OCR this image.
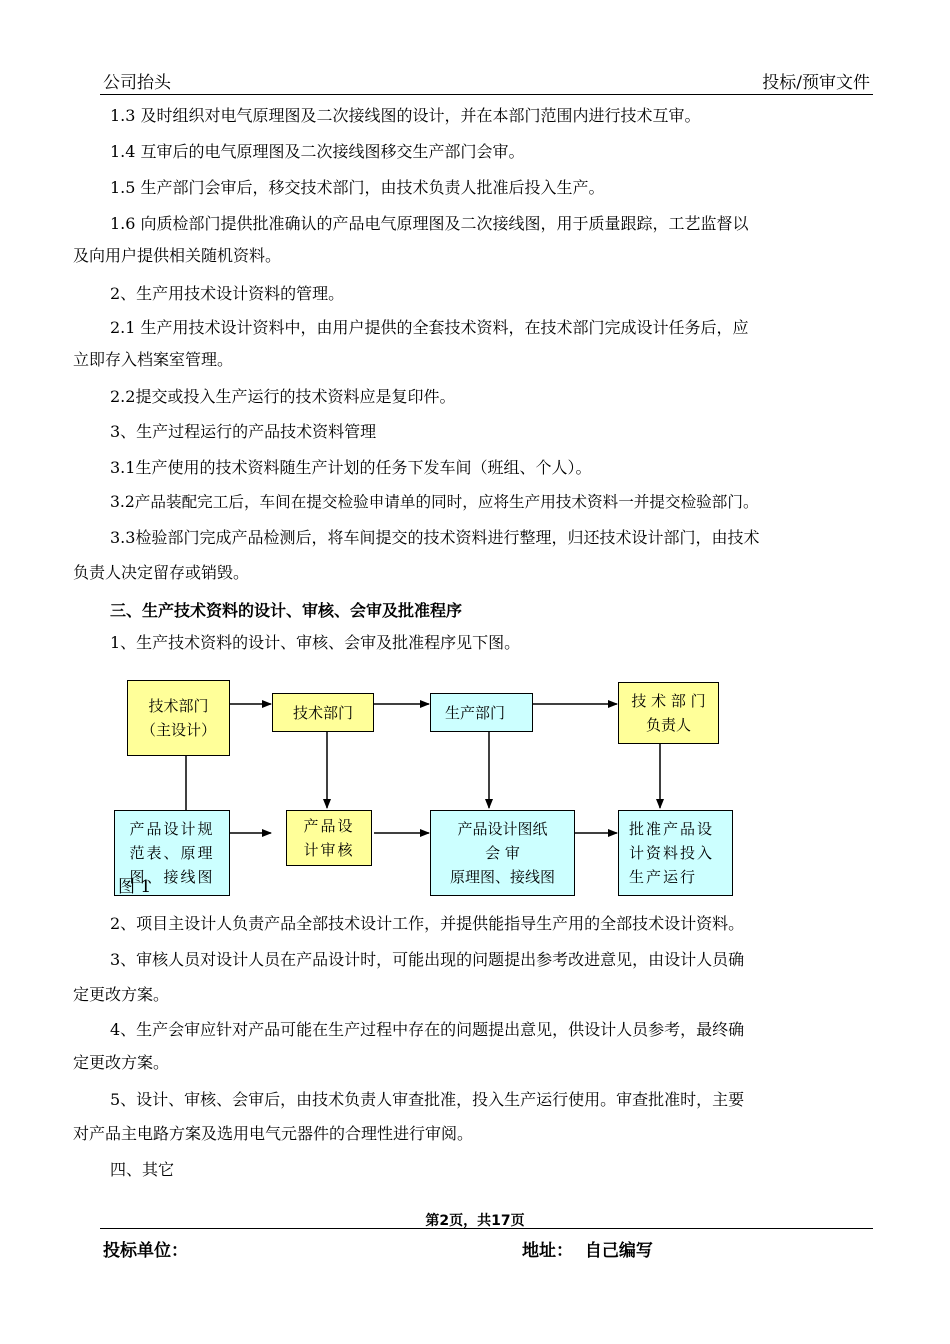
公司抬头	投标/预审文件
1.3 及时组织对电气原理图及二次接线图的设计，并在本部门范围内进行技术互审。
1.4 互审后的电气原理图及二次接线图移交生产部门会审。
1.5 生产部门会审后，移交技术部门，由技术负责人批准后投入生产。
1.6 向质检部门提供批准确认的产品电气原理图及二次接线图，用于质量跟踪，工艺监督以
及向用户提供相关随机资料。
2、生产用技术设计资料的管理。
2.1 生产用技术设计资料中，由用户提供的全套技术资料，在技术部门完成设计任务后，应
立即存入档案室管理。
2.2提交或投入生产运行的技术资料应是复印件。
3、生产过程运行的产品技术资料管理
3.1生产使用的技术资料随生产计划的任务下发车间（班组、个人）。
3.2产品装配完工后，车间在提交检验申请单的同时，应将生产用技术资料一并提交检验部门。
3.3检验部门完成产品检测后，将车间提交的技术资料进行整理，归还技术设计部门，由技术
负责人决定留存或销毁。
三、生产技术资料的设计、审核、会审及批准程序
1、生产技术资料的设计、审核、会审及批准程序见下图。
技术部门
（主设计）
技术部门	生产部门
技 术 部 门
负责人
产品设计规
范表、原理
图、接线图
产品设
计审核
产品设计图纸
会 审
原理图、接线图
批准产品设
计资料投入
生产运行
图 1
2、项目主设计人负责产品全部技术设计工作，并提供能指导生产用的全部技术设计资料。
3、审核人员对设计人员在产品设计时，可能出现的问题提出参考改进意见，由设计人员确
定更改方案。
4、生产会审应针对产品可能在生产过程中存在的问题提出意见，供设计人员参考，最终确
定更改方案。
5、设计、审核、会审后，由技术负责人审查批准，投入生产运行使用。审查批准时，主要
对产品主电路方案及选用电气元器件的合理性进行审阅。
四、其它
第2页，共17页
投标单位：	地址：  自己编写
